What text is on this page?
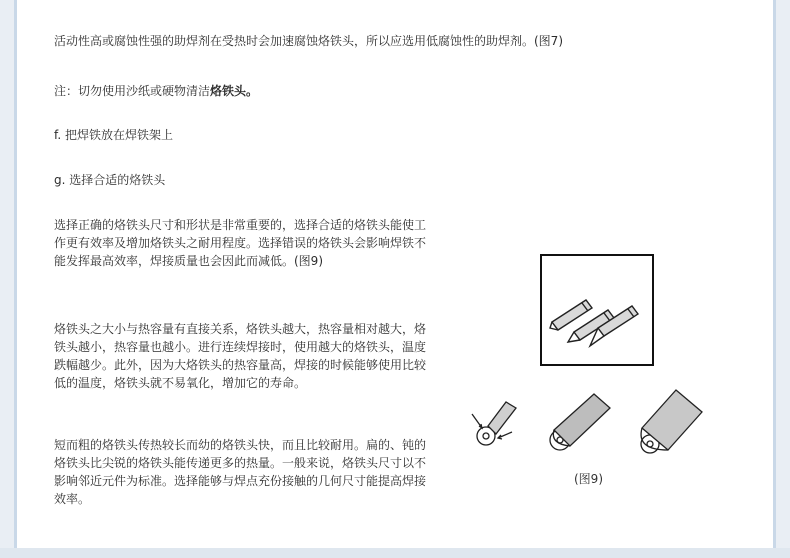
活动性高或腐蚀性强的助焊剂在受热时会加速腐蚀烙铁头，所以应选用低腐蚀性的助焊剂。(图7)
注：切勿使用沙纸或硬物清洁烙铁头。
f. 把焊铁放在焊铁架上
g. 选择合适的烙铁头
选择正确的烙铁头尺寸和形状是非常重要的，选择合适的烙铁头能使工作更有效率及增加烙铁头之耐用程度。选择错误的烙铁头会影响焊铁不能发挥最高效率，焊接质量也会因此而减低。(图9)
烙铁头之大小与热容量有直接关系，烙铁头越大，热容量相对越大，烙铁头越小，热容量也越小。进行连续焊接时，使用越大的烙铁头，温度跌幅越少。此外，因为大烙铁头的热容量高，焊接的时候能够使用比较低的温度，烙铁头就不易氧化，增加它的寿命。
短而粗的烙铁头传热较长而幼的烙铁头快，而且比较耐用。扁的、钝的烙铁头比尖锐的烙铁头能传递更多的热量。一般来说，烙铁头尺寸以不影响邻近元件为标准。选择能够与焊点充份接触的几何尺寸能提高焊接效率。
(图9)
